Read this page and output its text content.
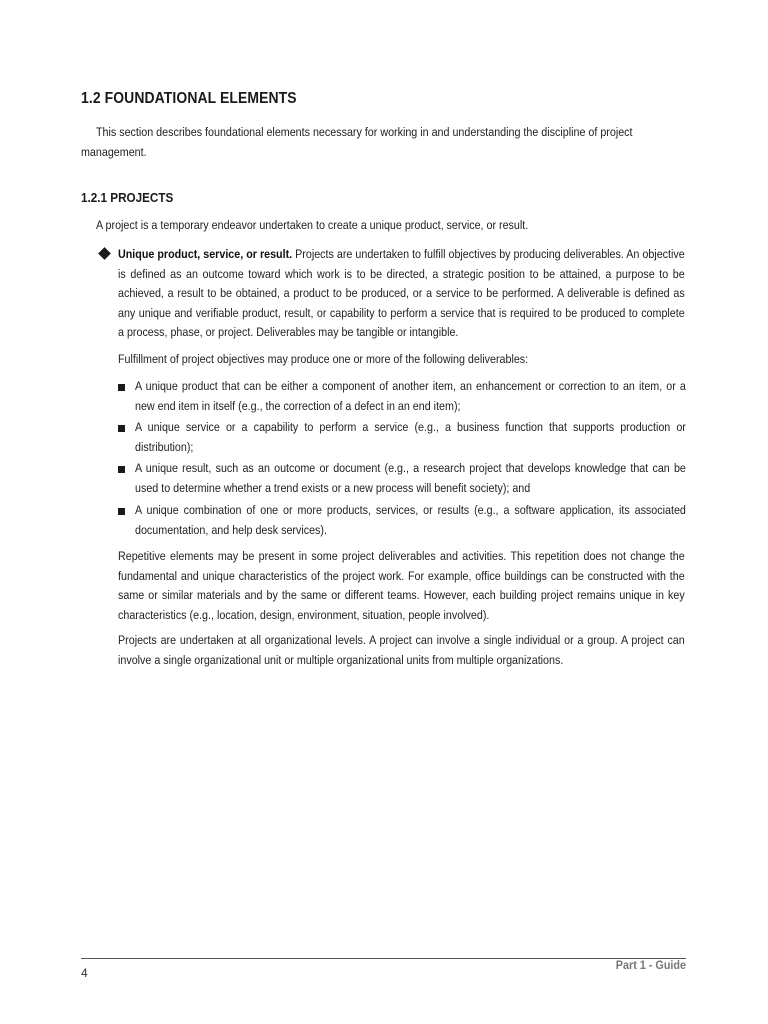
1.2 FOUNDATIONAL ELEMENTS
This section describes foundational elements necessary for working in and understanding the discipline of project management.
1.2.1 PROJECTS
A project is a temporary endeavor undertaken to create a unique product, service, or result.
Unique product, service, or result. Projects are undertaken to fulfill objectives by producing deliverables. An objective is defined as an outcome toward which work is to be directed, a strategic position to be attained, a purpose to be achieved, a result to be obtained, a product to be produced, or a service to be performed. A deliverable is defined as any unique and verifiable product, result, or capability to perform a service that is required to be produced to complete a process, phase, or project. Deliverables may be tangible or intangible.
Fulfillment of project objectives may produce one or more of the following deliverables:
A unique product that can be either a component of another item, an enhancement or correction to an item, or a new end item in itself (e.g., the correction of a defect in an end item);
A unique service or a capability to perform a service (e.g., a business function that supports production or distribution);
A unique result, such as an outcome or document (e.g., a research project that develops knowledge that can be used to determine whether a trend exists or a new process will benefit society); and
A unique combination of one or more products, services, or results (e.g., a software application, its associated documentation, and help desk services).
Repetitive elements may be present in some project deliverables and activities. This repetition does not change the fundamental and unique characteristics of the project work. For example, office buildings can be constructed with the same or similar materials and by the same or different teams. However, each building project remains unique in key characteristics (e.g., location, design, environment, situation, people involved).
Projects are undertaken at all organizational levels. A project can involve a single individual or a group. A project can involve a single organizational unit or multiple organizational units from multiple organizations.
4
Part 1 - Guide
